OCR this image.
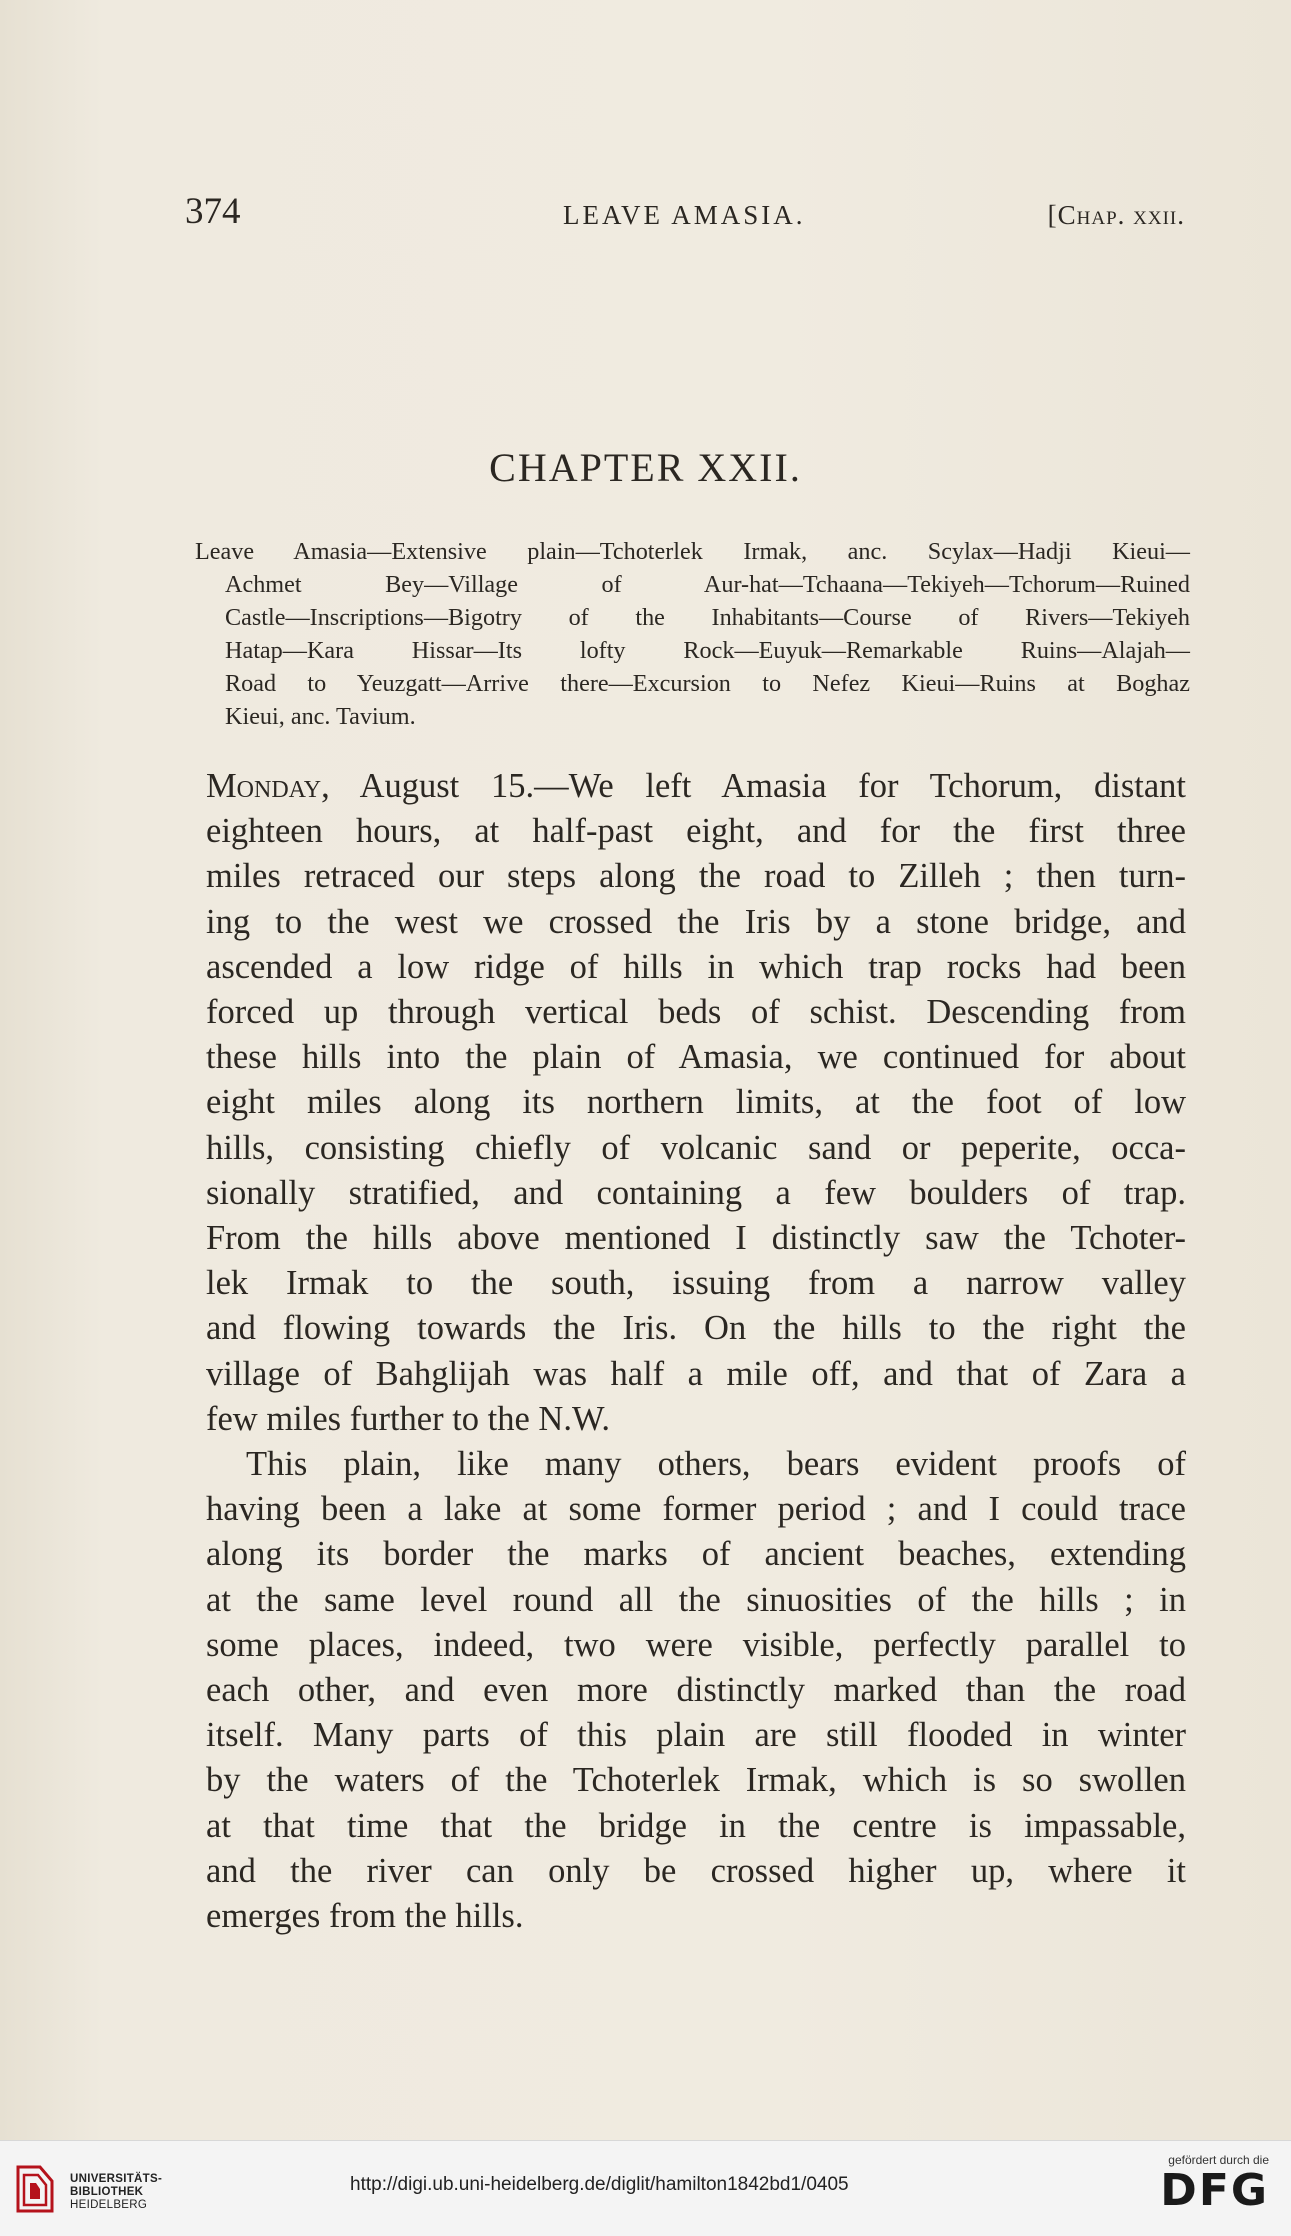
374	LEAVE AMASIA.	[Chap. xxii.
CHAPTER XXII.
Leave Amasia—Extensive plain—Tchoterlek Irmak, anc. Scylax—Hadji Kieui—
Achmet Bey—Village of Aur-hat—Tchaana—Tekiyeh—Tchorum—Ruined
Castle—Inscriptions—Bigotry of the Inhabitants—Course of Rivers—Tekiyeh
Hatap—Kara Hissar—Its lofty Rock—Euyuk—Remarkable Ruins—Alajah—
Road to Yeuzgatt—Arrive there—Excursion to Nefez Kieui—Ruins at Boghaz
Kieui, anc. Tavium.
Monday, August 15.—We left Amasia for Tchorum, distant
eighteen hours, at half-past eight, and for the first three
miles retraced our steps along the road to Zilleh ; then turn-
ing to the west we crossed the Iris by a stone bridge, and
ascended a low ridge of hills in which trap rocks had been
forced up through vertical beds of schist. Descending from
these hills into the plain of Amasia, we continued for about
eight miles along its northern limits, at the foot of low
hills, consisting chiefly of volcanic sand or peperite, occa-
sionally stratified, and containing a few boulders of trap.
From the hills above mentioned I distinctly saw the Tchoter-
lek Irmak to the south, issuing from a narrow valley
and flowing towards the Iris. On the hills to the right the
village of Bahglijah was half a mile off, and that of Zara a
few miles further to the N.W.
This plain, like many others, bears evident proofs of
having been a lake at some former period ; and I could trace
along its border the marks of ancient beaches, extending
at the same level round all the sinuosities of the hills ; in
some places, indeed, two were visible, perfectly parallel to
each other, and even more distinctly marked than the road
itself. Many parts of this plain are still flooded in winter
by the waters of the Tchoterlek Irmak, which is so swollen
at that time that the bridge in the centre is impassable,
and the river can only be crossed higher up, where it
emerges from the hills.
UNIVERSITÄTS-
BIBLIOTHEK
HEIDELBERG
http://digi.ub.uni-heidelberg.de/diglit/hamilton1842bd1/0405
gefördert durch die
DFG
